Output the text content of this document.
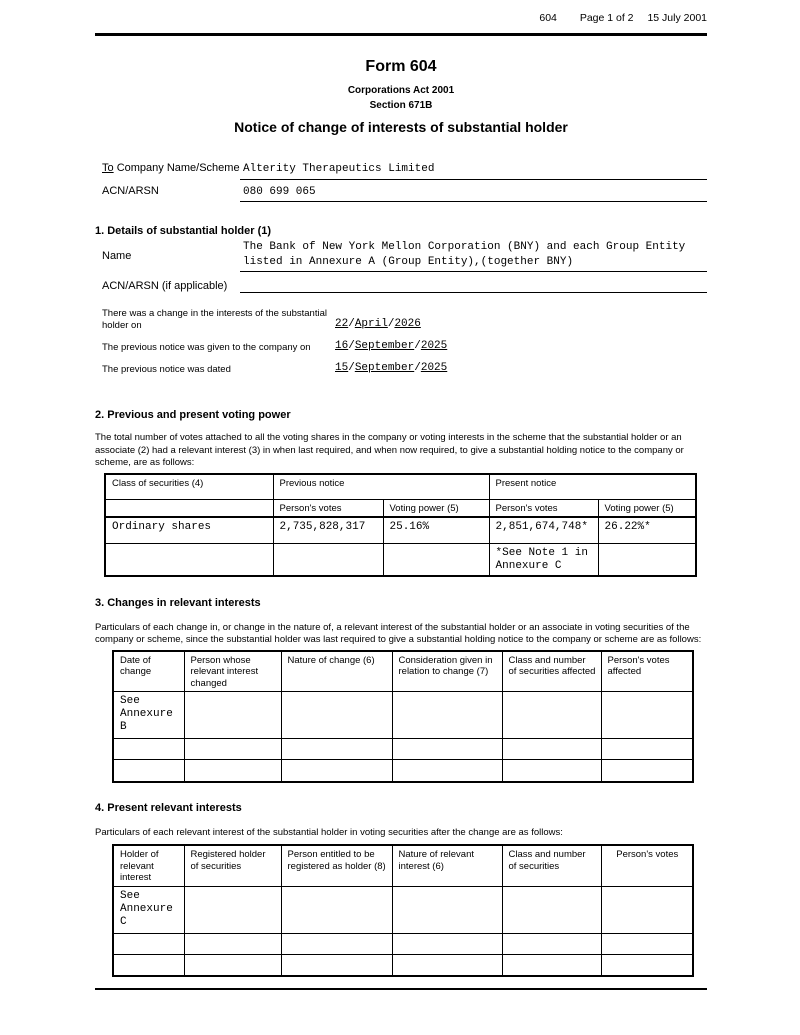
604 Page 1 of 2 15 July 2001
Form 604
Corporations Act 2001
Section 671B
Notice of change of interests of substantial holder
To Company Name/Scheme Alterity Therapeutics Limited
ACN/ARSN	080 699 065
1. Details of substantial holder (1)
Name
The Bank of New York Mellon Corporation (BNY) and each Group Entity listed in Annexure A (Group Entity),(together BNY)
ACN/ARSN (if applicable)
There was a change in the interests of the substantial holder on	22/April/2026
The previous notice was given to the company on	16/September/2025
The previous notice was dated	15/September/2025
2. Previous and present voting power
The total number of votes attached to all the voting shares in the company or voting interests in the scheme that the substantial holder or an associate (2) had a relevant interest (3) in when last required, and when now required, to give a substantial holding notice to the company or scheme, are as follows:
Class of securities (4)	Previous notice		Present notice	
	Person's votes	Voting power (5)	Person's votes	Voting power (5)
Ordinary shares	2,735,828,317	25.16%	2,851,674,748*	26.22%*
			*See Note 1 in Annexure C	
3. Changes in relevant interests
Particulars of each change in, or change in the nature of, a relevant interest of the substantial holder or an associate in voting securities of the company or scheme, since the substantial holder was last required to give a substantial holding notice to the company or scheme are as follows:
Date of change	Person whose relevant interest changed	Nature of change (6)	Consideration given in relation to change (7)	Class and number of securities affected	Person's votes affected
See Annexure B					

4. Present relevant interests
Particulars of each relevant interest of the substantial holder in voting securities after the change are as follows:
Holder of relevant interest	Registered holder of securities	Person entitled to be registered as holder (8)	Nature of relevant interest (6)	Class and number of securities	Person's votes
See Annexure C					
